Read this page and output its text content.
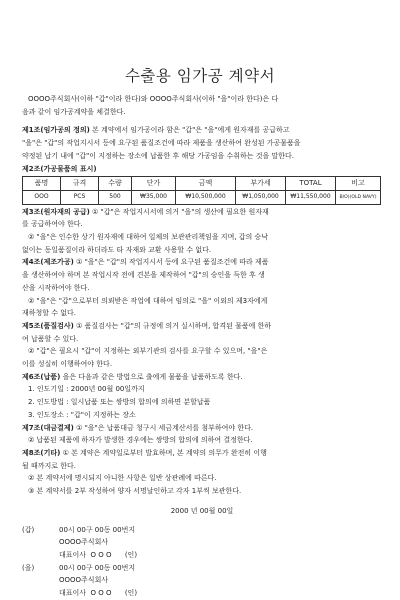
수출용 임가공 계약서

OOOO주식회사(이하 "갑"이라 한다)와 OOOO주식회사(이하 "을"이라 한다)은 다

음과 같이 임가공계약을 체결한다.

제1조(임가공의 정의) 본 계약에서 임가공이라 함은 "갑"은 "을"에게 원자재를 공급하고

"을"은 "갑"의 작업지시서 등에 요구된 품질조건에 따라 제품을 생산하여 완성된 가공물품을

약정된 납기 내에 "갑"이 지정하는 장소에 납품한 후 해당 가공임을 수취하는 것을 말한다.

제2조(가공물품의 표시)

품명	규격	수량	단가	금액	부가세	TOTAL	비고
OOO	PCS	500	₩35,000	₩10,500,000	₩1,050,000	₩11,550,000	B/O)(OLD NAVY)

제3조(원자재의 공급) ① "갑"은 작업지시서에 의거 "을"의 생산에 필요한 원자재

를 공급하여야 한다.

② "을"은 인수한 상기 원자재에 대하여 일체의 보관관리책임을 지며, 갑의 승낙

없이는 동일품질이라 하더라도 타 자재와 교환 사용할 수 없다.

제4조(제조가공) ① "을"은 "갑"의 작업지시서 등에 요구된 품질조건에 따라 제품

을 생산하여야 하며 본 작업시작 전에 견본을 제작하여 "갑"의 승인을 득한 후 생

산을 시작하여야 한다.

② "을"은 "갑"으로부터 의뢰받은 작업에 대하여 임의로 "을" 이외의 제3자에게

재하청할 수 없다.

제5조(품질검사) ① 품질검사는 "갑"의 규정에 의거 실시하며, 합격된 물품에 한하

여 납품할 수 있다.

② "갑"은 필요시 "갑"이 지정하는 외부기관의 검사를 요구할 수 있으며, "을"은

이를 성실히 이행하여야 한다.

제6조(납품) 을은 다음과 같은 방법으로 출에게 물품을 납품하도록 한다.

1. 인도기일 : 2000년 00월 00일까지

2. 인도방법 : 일시납품 또는 쌍방의 합의에 의하면 분할납품

3. 인도장소 : "갑"이 지정하는 장소

제7조(대금결제) ① "을"은 납품대금 청구시 세금계산서를 첨부하여야 한다.

② 납품된 제품에 하자가 발생한 경우에는 쌍방의 합의에 의하여 결정한다.

제8조(기타) ① 본 계약은 계약일로부터 발효하며, 본 계약의 의무가 완전히 이행

될 때까지로 한다.

② 본 계약서에 명시되지 아니한 사항은 일반 상관례에 따른다.

③ 본 계약서를 2부 작성하여 양자 서명날인하고 각자 1부씩 보관한다.

2000 년 00월 00일

(갑)	00시 00구 00동 00번지
OOOO주식회사
대표이사  O O O      (인)
(을)	00시 00구 00동 00번지
OOOO주식회사
대표이사  O O O      (인)
